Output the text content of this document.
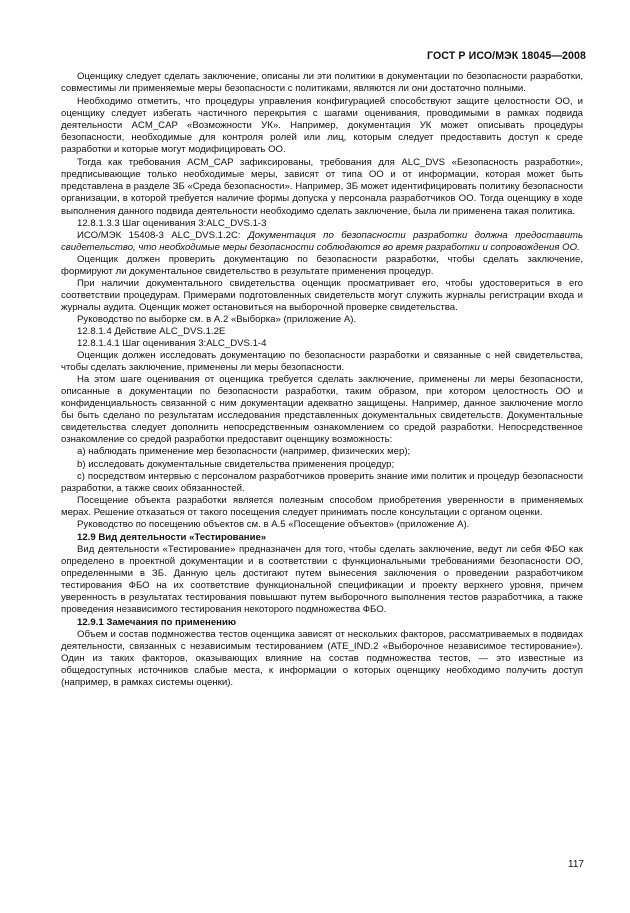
ГОСТ Р ИСО/МЭК 18045—2008

Оценщику следует сделать заключение, описаны ли эти политики в документации по безопасности разработки, совместимы ли применяемые меры безопасности с политиками, являются ли они достаточно полными.

Необходимо отметить, что процедуры управления конфигурацией способствуют защите целостности ОО, и оценщику следует избегать частичного перекрытия с шагами оценивания, проводимыми в рамках подвида деятельности ACM_CAP «Возможности УК». Например, документация УК может описывать процедуры безопасности, необходимые для контроля ролей или лиц, которым следует предоставить доступ к среде разработки и которые могут модифицировать ОО.

Тогда как требования ACM_CAP зафиксированы, требования для ALC_DVS «Безопасность разработки», предписывающие только необходимые меры, зависят от типа ОО и от информации, которая может быть представлена в разделе ЗБ «Среда безопасности». Например, ЗБ может идентифицировать политику безопасности организации, в которой требуется наличие формы допуска у персонала разработчиков ОО. Тогда оценщику в ходе выполнения данного подвида деятельности необходимо сделать заключение, была ли применена такая политика.

12.8.1.3.3 Шаг оценивания 3:ALC_DVS.1-3

ИСО/МЭК 15408-3 ALC_DVS.1.2C: Документация по безопасности разработки должна предоставить свидетельство, что необходимые меры безопасности соблюдаются во время разработки и сопровождения ОО.

Оценщик должен проверить документацию по безопасности разработки, чтобы сделать заключение, формируют ли документальное свидетельство в результате применения процедур.

При наличии документального свидетельства оценщик просматривает его, чтобы удостовериться в его соответствии процедурам. Примерами подготовленных свидетельств могут служить журналы регистрации входа и журналы аудита. Оценщик может остановиться на выборочной проверке свидетельства.

Руководство по выборке см. в А.2 «Выборка» (приложение А).

12.8.1.4 Действие ALC_DVS.1.2E

12.8.1.4.1 Шаг оценивания 3:ALC_DVS.1-4

Оценщик должен исследовать документацию по безопасности разработки и связанные с ней свидетельства, чтобы сделать заключение, применены ли меры безопасности.

На этом шаге оценивания от оценщика требуется сделать заключение, применены ли меры безопасности, описанные в документации по безопасности разработки, таким образом, при котором целостность ОО и конфиденциальность связанной с ним документации адекватно защищены. Например, данное заключение могло бы быть сделано по результатам исследования представленных документальных свидетельств. Документальные свидетельства следует дополнить непосредственным ознакомлением со средой разработки. Непосредственное ознакомление со средой разработки предоставит оценщику возможность:

а) наблюдать применение мер безопасности (например, физических мер);

b) исследовать документальные свидетельства применения процедур;

c) посредством интервью с персоналом разработчиков проверить знание ими политик и процедур безопасности разработки, а также своих обязанностей.

Посещение объекта разработки является полезным способом приобретения уверенности в применяемых мерах. Решение отказаться от такого посещения следует принимать после консультации с органом оценки.

Руководство по посещению объектов см. в А.5 «Посещение объектов» (приложение А).

12.9 Вид деятельности «Тестирование»

Вид деятельности «Тестирование» предназначен для того, чтобы сделать заключение, ведут ли себя ФБО как определено в проектной документации и в соответствии с функциональными требованиями безопасности ОО, определенными в ЗБ. Данную цель достигают путем вынесения заключения о проведении разработчиком тестирования ФБО на их соответствие функциональной спецификации и проекту верхнего уровня, причем уверенность в результатах тестирования повышают путем выборочного выполнения тестов разработчика, а также проведения независимого тестирования некоторого подмножества ФБО.

12.9.1 Замечания по применению

Объем и состав подмножества тестов оценщика зависят от нескольких факторов, рассматриваемых в подвидах деятельности, связанных с независимым тестированием (ATE_IND.2 «Выборочное независимое тестирование»). Один из таких факторов, оказывающих влияние на состав подмножества тестов, — это известные из общедоступных источников слабые места, к информации о которых оценщику необходимо получить доступ (например, в рамках системы оценки).

117
